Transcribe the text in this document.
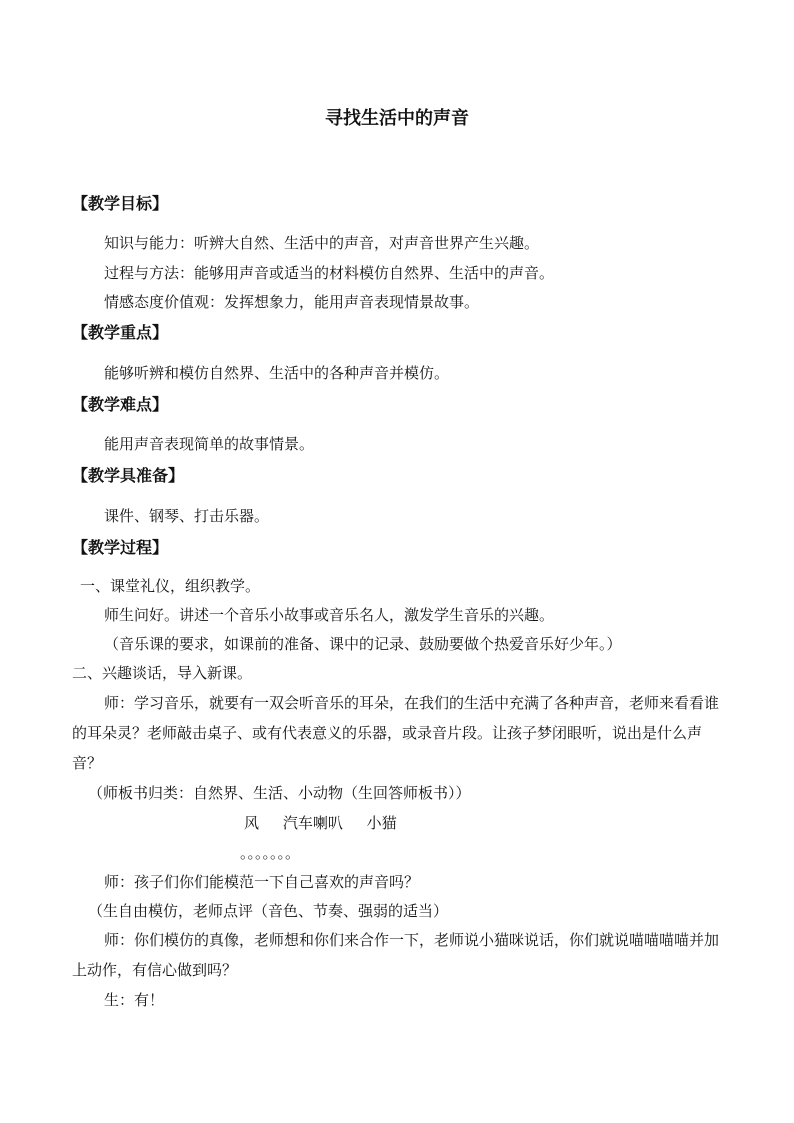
寻找生活中的声音
【教学目标】
知识与能力：听辨大自然、生活中的声音，对声音世界产生兴趣。
过程与方法：能够用声音或适当的材料模仿自然界、生活中的声音。
情感态度价值观：发挥想象力，能用声音表现情景故事。
【教学重点】
能够听辨和模仿自然界、生活中的各种声音并模仿。
【教学难点】
能用声音表现简单的故事情景。
【教学具准备】
课件、钢琴、打击乐器。
【教学过程】
一、课堂礼仪，组织教学。
师生问好。讲述一个音乐小故事或音乐名人，激发学生音乐的兴趣。
（音乐课的要求，如课前的准备、课中的记录、鼓励要做个热爱音乐好少年。）
二、兴趣谈话，导入新课。
师：学习音乐，就要有一双会听音乐的耳朵，在我们的生活中充满了各种声音，老师来看看谁的耳朵灵？老师敲击桌子、或有代表意义的乐器，或录音片段。让孩子梦闭眼听，说出是什么声音？
（师板书归类：自然界、生活、小动物（生回答师板书））
风     汽车喇叭     小猫
。。。。。。。
师：孩子们你们能模范一下自己喜欢的声音吗？
（生自由模仿，老师点评（音色、节奏、强弱的适当）
师：你们模仿的真像，老师想和你们来合作一下，老师说小猫咪说话，你们就说喵喵喵喵并加上动作，有信心做到吗？
生：有！
